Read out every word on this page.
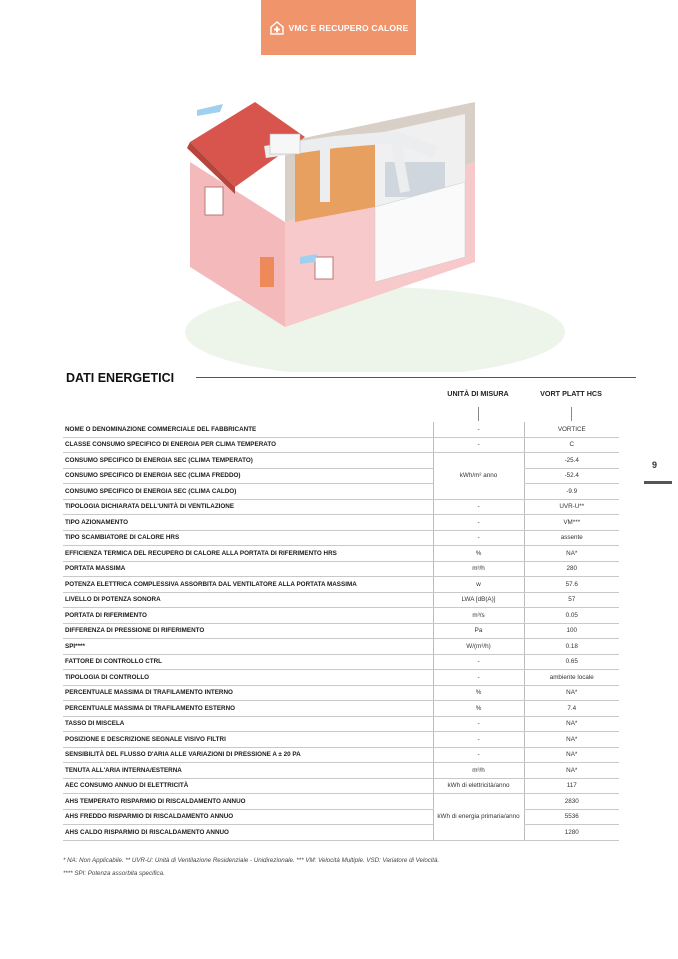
VMC E RECUPERO CALORE
DATI ENERGETICI
UNITÀ DI MISURA	VORT PLATT HCS
9
NOME O DENOMINAZIONE COMMERCIALE DEL FABBRICANTE	-	VORTICE
CLASSE CONSUMO SPECIFICO DI ENERGIA PER CLIMA TEMPERATO	-	C
CONSUMO SPECIFICO DI ENERGIA SEC (CLIMA TEMPERATO)	kWh/m² anno	-25.4
CONSUMO SPECIFICO DI ENERGIA SEC (CLIMA FREDDO)		-52.4
CONSUMO SPECIFICO DI ENERGIA SEC (CLIMA CALDO)		-9.9
TIPOLOGIA DICHIARATA DELL'UNITÀ DI VENTILAZIONE	-	UVR-U**
TIPO AZIONAMENTO	-	VM***
TIPO SCAMBIATORE DI CALORE HRS	-	assente
EFFICIENZA TERMICA DEL RECUPERO DI CALORE ALLA PORTATA DI RIFERIMENTO HRS	%	NA*
PORTATA MASSIMA	m³/h	280
POTENZA ELETTRICA COMPLESSIVA ASSORBITA DAL VENTILATORE ALLA PORTATA MASSIMA	w	57.6
LIVELLO DI POTENZA SONORA	LWA [dB(A)]	57
PORTATA DI RIFERIMENTO	m³/s	0.05
DIFFERENZA DI PRESSIONE DI RIFERIMENTO	Pa	100
SPI****	W/(m³/h)	0.18
FATTORE DI CONTROLLO CTRL	-	0.65
TIPOLOGIA DI CONTROLLO	-	ambiente locale
PERCENTUALE MASSIMA DI TRAFILAMENTO INTERNO	%	NA*
PERCENTUALE MASSIMA DI TRAFILAMENTO ESTERNO	%	7.4
TASSO DI MISCELA	-	NA*
POSIZIONE E DESCRIZIONE SEGNALE VISIVO FILTRI	-	NA*
SENSIBILITÀ DEL FLUSSO D'ARIA ALLE VARIAZIONI DI PRESSIONE A ± 20 PA	-	NA*
TENUTA ALL'ARIA INTERNA/ESTERNA	m³/h	NA*
AEC CONSUMO ANNUO DI ELETTRICITÀ	kWh di elettricità/anno	117
AHS TEMPERATO RISPARMIO DI RISCALDAMENTO ANNUO	kWh di energia primaria/anno	2830
AHS FREDDO RISPARMIO DI RISCALDAMENTO ANNUO		5536
AHS CALDO RISPARMIO DI RISCALDAMENTO ANNUO		1280
* NA: Non Applicabile. ** UVR-U: Unità di Ventilazione Residenziale - Unidirezionale. *** VM: Velocità Multiple. VSD: Variatore di Velocità.
**** SPI: Potenza assorbita specifica.
